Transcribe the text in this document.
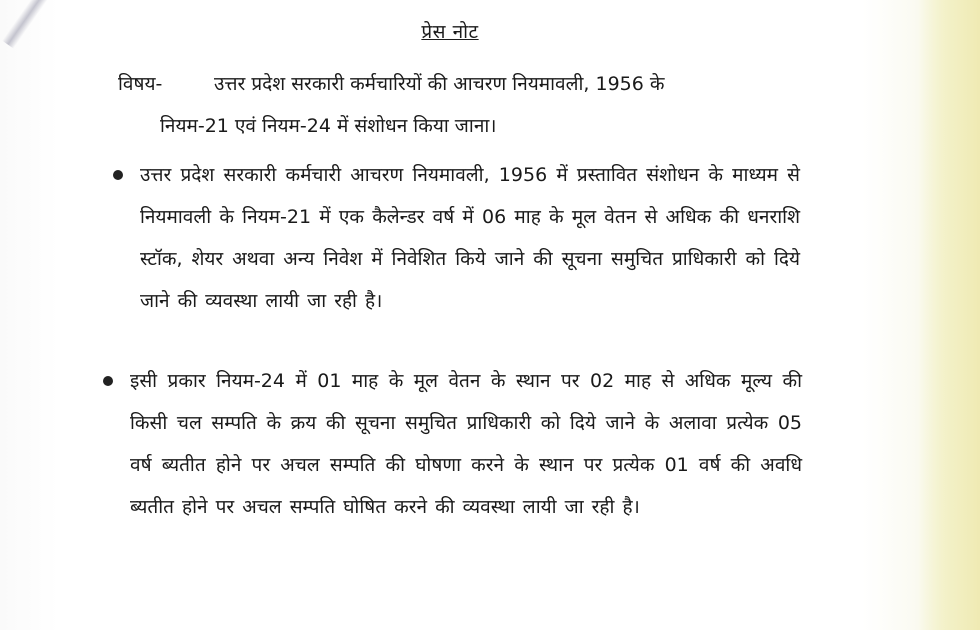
प्रेस नोट
विषय-	उत्तर प्रदेश सरकारी कर्मचारियों की आचरण नियमावली, 1956 के
नियम-21 एवं नियम-24 में संशोधन किया जाना।
उत्तर प्रदेश सरकारी कर्मचारी आचरण नियमावली, 1956 में प्रस्तावित संशोधन के माध्यम से नियमावली के नियम-21 में एक कैलेन्डर वर्ष में 06 माह के मूल वेतन से अधिक की धनराशि स्टॉक, शेयर अथवा अन्य निवेश में निवेशित किये जाने की सूचना समुचित प्राधिकारी को दिये जाने की व्यवस्था लायी जा रही है।
इसी प्रकार नियम-24 में 01 माह के मूल वेतन के स्थान पर 02 माह से अधिक मूल्य की किसी चल सम्पति के क्रय की सूचना समुचित प्राधिकारी को दिये जाने के अलावा प्रत्येक 05 वर्ष ब्यतीत होने पर अचल सम्पति की घोषणा करने के स्थान पर प्रत्येक 01 वर्ष की अवधि ब्यतीत होने पर अचल सम्पति घोषित करने की व्यवस्था लायी जा रही है।
